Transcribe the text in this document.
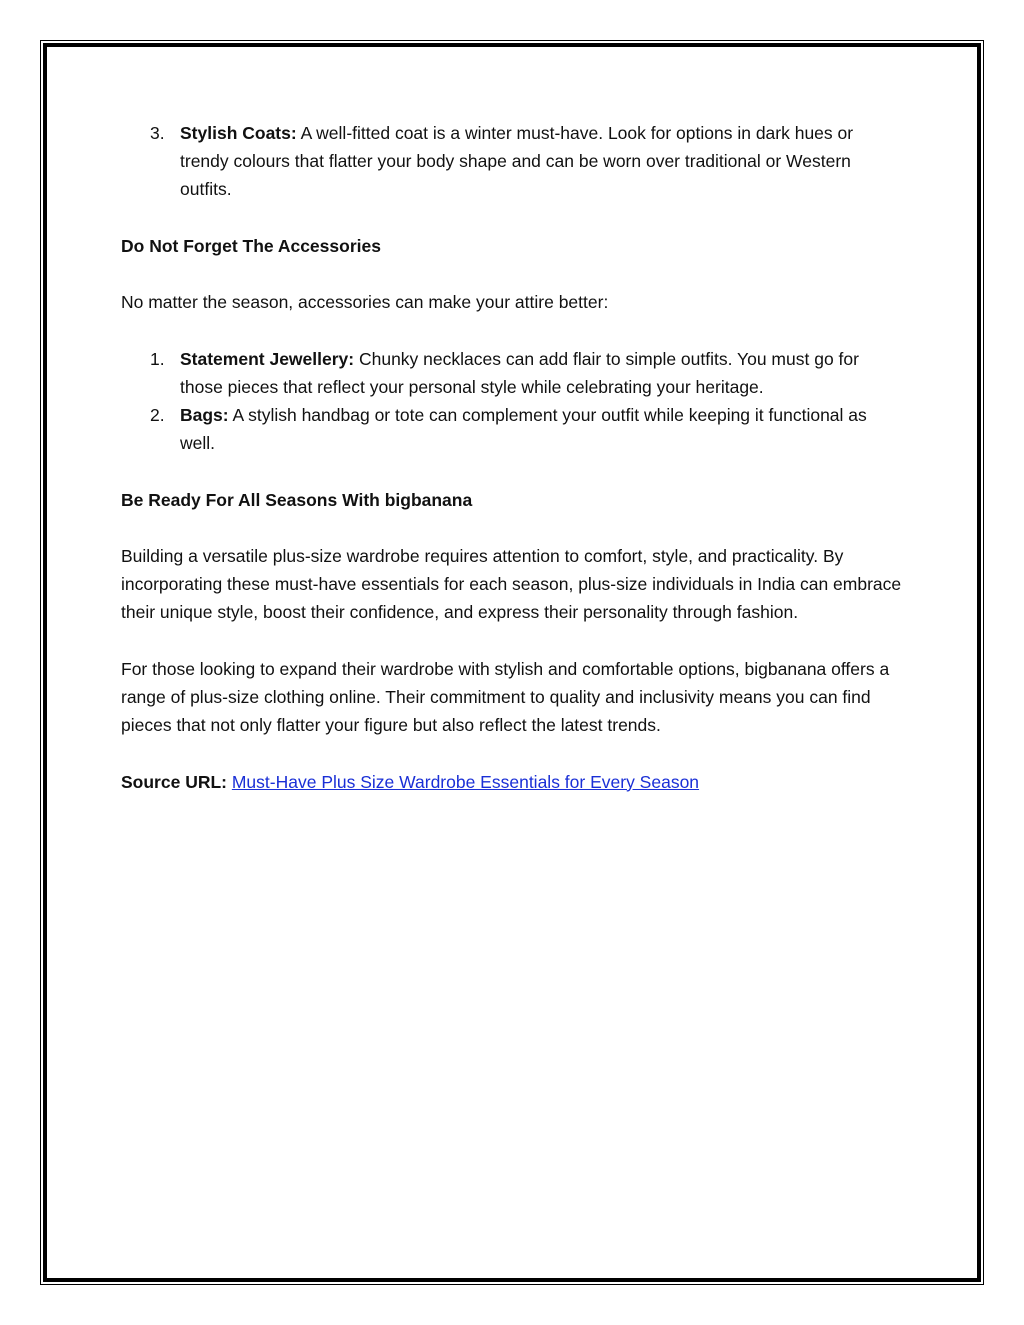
3. Stylish Coats: A well-fitted coat is a winter must-have. Look for options in dark hues or trendy colours that flatter your body shape and can be worn over traditional or Western outfits.

Do Not Forget The Accessories

No matter the season, accessories can make your attire better:

1. Statement Jewellery: Chunky necklaces can add flair to simple outfits. You must go for those pieces that reflect your personal style while celebrating your heritage.
2. Bags: A stylish handbag or tote can complement your outfit while keeping it functional as well.

Be Ready For All Seasons With bigbanana

Building a versatile plus-size wardrobe requires attention to comfort, style, and practicality. By incorporating these must-have essentials for each season, plus-size individuals in India can embrace their unique style, boost their confidence, and express their personality through fashion.

For those looking to expand their wardrobe with stylish and comfortable options, bigbanana offers a range of plus-size clothing online. Their commitment to quality and inclusivity means you can find pieces that not only flatter your figure but also reflect the latest trends.

Source URL: Must-Have Plus Size Wardrobe Essentials for Every Season
